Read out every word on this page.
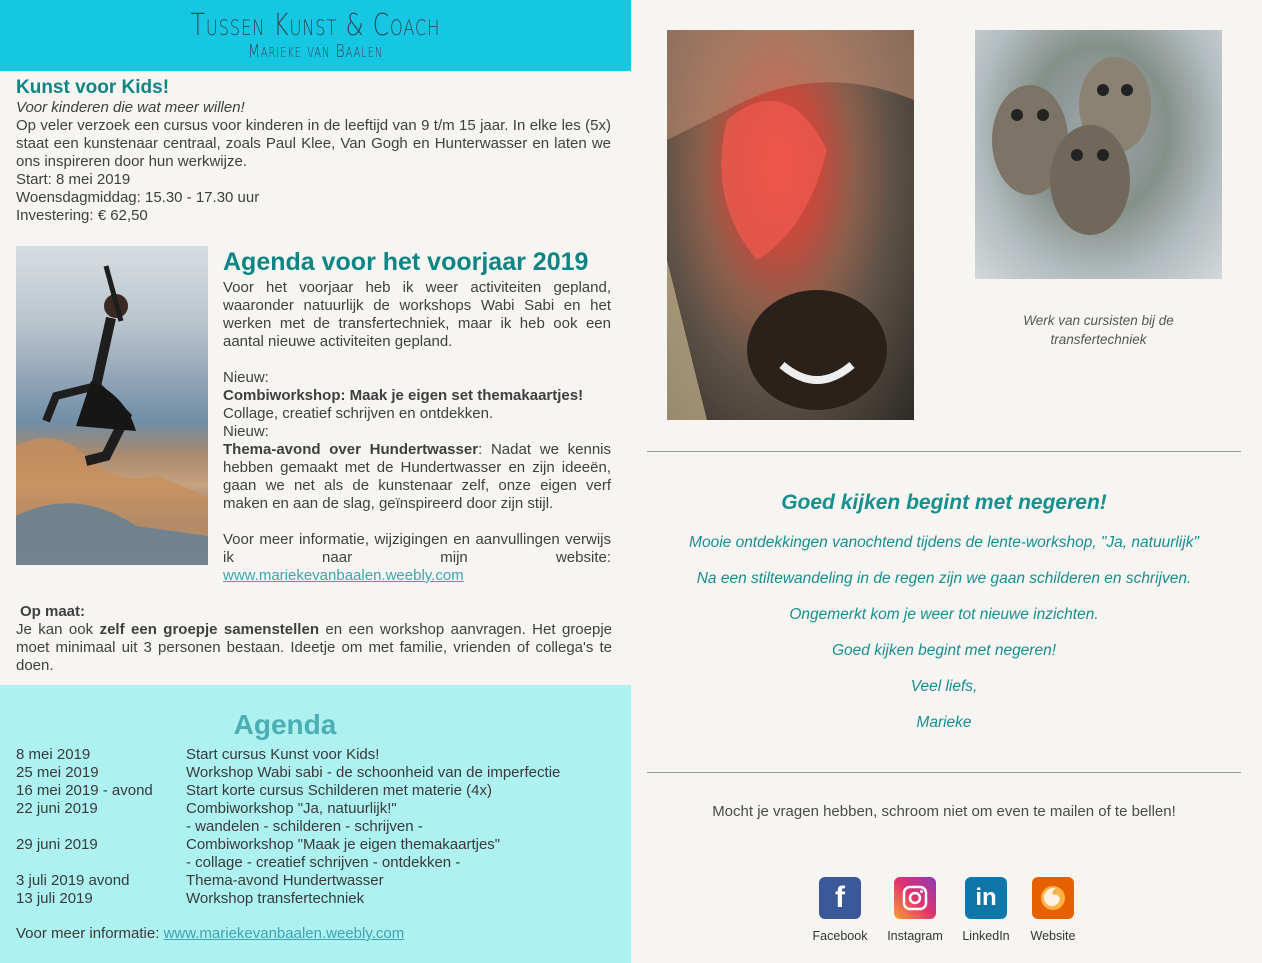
Tussen Kunst & Coach
Marieke van Baalen
Kunst voor Kids!
Voor kinderen die wat meer willen!
Op veler verzoek een cursus voor kinderen in de leeftijd van 9 t/m 15 jaar. In elke les (5x) staat een kunstenaar centraal, zoals Paul Klee, Van Gogh en Hunterwasser en laten we ons inspireren door hun werkwijze.
Start: 8 mei 2019
Woensdagmiddag: 15.30 - 17.30 uur
Investering: € 62,50
Agenda voor het voorjaar 2019
Voor het voorjaar heb ik weer activiteiten gepland, waaronder natuurlijk de workshops Wabi Sabi en het werken met de transfertechniek, maar ik heb ook een aantal nieuwe activiteiten gepland.
Nieuw:
Combiworkshop: Maak je eigen set themakaartjes!
Collage, creatief schrijven en ontdekken.
Nieuw:
Thema-avond over Hundertwasser: Nadat we kennis hebben gemaakt met de Hundertwasser en zijn ideeën, gaan we net als de kunstenaar zelf, onze eigen verf maken en aan de slag, geïnspireerd door zijn stijl.
Voor meer informatie, wijzigingen en aanvullingen verwijs ik naar mijn website:
www.mariekevanbaalen.weebly.com
Op maat:
Je kan ook zelf een groepje samenstellen en een workshop aanvragen. Het groepje moet minimaal uit 3 personen bestaan. Ideetje om met familie, vrienden of collega's te doen.
Agenda
8 mei 2019	Start cursus Kunst voor Kids!
25 mei 2019	Workshop Wabi sabi - de schoonheid van de imperfectie
16 mei 2019 - avond	Start korte cursus Schilderen met materie (4x)
22 juni 2019	Combiworkshop "Ja, natuurlijk!"
- wandelen - schilderen - schrijven -
29 juni 2019	Combiworkshop "Maak je eigen themakaartjes"
- collage - creatief schrijven - ontdekken -
3 juli 2019 avond	Thema-avond Hundertwasser
13 juli 2019	Workshop transfertechniek
Voor meer informatie: www.mariekevanbaalen.weebly.com
Werk van cursisten bij de transfertechniek
Goed kijken begint met negeren!

Mooie ontdekkingen vanochtend tijdens de lente-workshop, "Ja, natuurlijk"

Na een stiltewandeling in de regen zijn we gaan schilderen en schrijven.

Ongemerkt kom je weer tot nieuwe inzichten.

Goed kijken begint met negeren!

Veel liefs,

Marieke

Mocht je vragen hebben, schroom niet om even te mailen of te bellen!
f
Facebook	Instagram
in
LinkedIn	Website
